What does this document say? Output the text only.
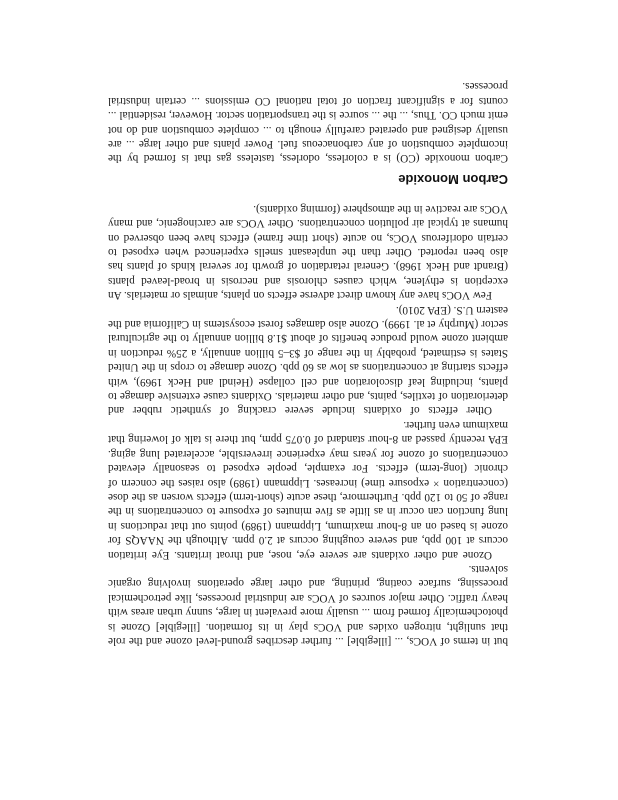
but in terms of VOCs, ... [illegible] ... further describes ground-level ozone and the role that sunlight, nitrogen oxides and VOCs play in its formation. [illegible] Ozone is photochemically formed from ... usually more prevalent in large, sunny urban areas with heavy traffic. Other major sources of VOCs are industrial processes, like petrochemical processing, surface coating, printing, and other large operations involving organic solvents.

Ozone and other oxidants are severe eye, nose, and throat irritants. Eye irritation occurs at 100 ppb, and severe coughing occurs at 2.0 ppm. Although the NAAQS for ozone is based on an 8-hour maximum, Lippmann (1989) points out that reductions in lung function can occur in as little as five minutes of exposure to concentrations in the range of 50 to 120 ppb. Furthermore, these acute (short-term) effects worsen as the dose (concentration × exposure time) increases. Lippmann (1989) also raises the concern of chronic (long-term) effects. For example, people exposed to seasonally elevated concentrations of ozone for years may experience irreversible, accelerated lung aging. EPA recently passed an 8-hour standard of 0.075 ppm, but there is talk of lowering that maximum even further.

Other effects of oxidants include severe cracking of synthetic rubber and deterioration of textiles, paints, and other materials. Oxidants cause extensive damage to plants, including leaf discoloration and cell collapse (Heindl and Heck 1969), with effects starting at concentrations as low as 60 ppb. Ozone damage to crops in the United States is estimated, probably in the range of $3–5 billion annually, a 25% reduction in ambient ozone would produce benefits of about $1.8 billion annually to the agricultural sector (Murphy et al. 1999). Ozone also damages forest ecosystems in California and the eastern U.S. (EPA 2010).

Few VOCs have any known direct adverse effects on plants, animals or materials. An exception is ethylene, which causes chlorosis and necrosis in broad-leaved plants (Brandt and Heck 1968). General retardation of growth for several kinds of plants has also been reported. Other than the unpleasant smells experienced when exposed to certain odoriferous VOCs, no acute (short time frame) effects have been observed on humans at typical air pollution concentrations. Other VOCs are carcinogenic, and many VOCs are reactive in the atmosphere (forming oxidants).

Carbon Monoxide

Carbon monoxide (CO) is a colorless, odorless, tasteless gas that is formed by the incomplete combustion of any carbonaceous fuel. Power plants and other large ... are usually designed and operated carefully enough to ... complete combustion and do not emit much CO. Thus, ... the ... source is the transportation sector. However, residential ... counts for a significant fraction of total national CO emissions ... certain industrial processes.
